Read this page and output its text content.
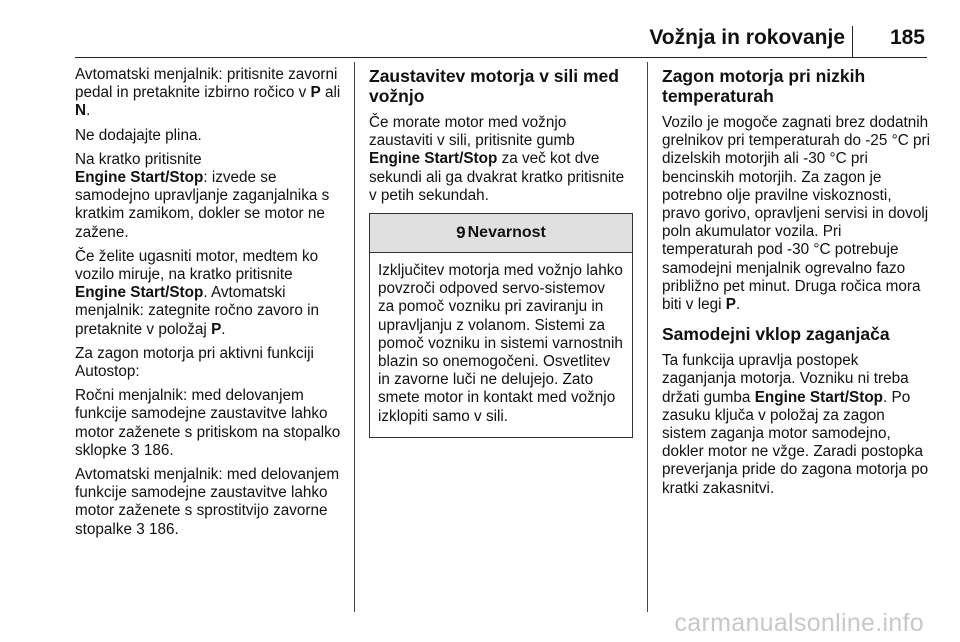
Vožnja in rokovanje 185

Avtomatski menjalnik: pritisnite zavorni pedal in pretaknite izbirno ročico v P ali N.

Ne dodajajte plina.

Na kratko pritisnite
Engine Start/Stop: izvede se samodejno upravljanje zaganjalnika s kratkim zamikom, dokler se motor ne zažene.

Če želite ugasniti motor, medtem ko vozilo miruje, na kratko pritisnite
Engine Start/Stop. Avtomatski menjalnik: zategnite ročno zavoro in pretaknite v položaj P.

Za zagon motorja pri aktivni funkciji Autostop:

Ročni menjalnik: med delovanjem funkcije samodejne zaustavitve lahko motor zaženete s pritiskom na stopalko sklopke 3 186.

Avtomatski menjalnik: med delovanjem funkcije samodejne zaustavitve lahko motor zaženete s sprostitvijo zavorne stopalke 3 186.

Zaustavitev motorja v sili med vožnjo

Če morate motor med vožnjo zaustaviti v sili, pritisnite gumb
Engine Start/Stop za več kot dve sekundi ali ga dvakrat kratko pritisnite v petih sekundah.

9 Nevarnost
Izključitev motorja med vožnjo lahko povzroči odpoved servo-sistemov za pomoč vozniku pri zaviranju in upravljanju z volanom. Sistemi za pomoč vozniku in sistemi varnostnih blazin so onemogočeni. Osvetlitev in zavorne luči ne delujejo. Zato smete motor in kontakt med vožnjo izklopiti samo v sili.
Zagon motorja pri nizkih temperaturah

Vozilo je mogoče zagnati brez dodatnih grelnikov pri temperaturah do -25 °C pri dizelskih motorjih ali -30 °C pri bencinskih motorjih. Za zagon je potrebno olje pravilne viskoznosti, pravo gorivo, opravljeni servisi in dovolj poln akumulator vozila. Pri temperaturah pod -30 °C potrebuje samodejni menjalnik ogrevalno fazo približno pet minut. Druga ročica mora biti v legi P.

Samodejni vklop zaganjača

Ta funkcija upravlja postopek zaganjanja motorja. Vozniku ni treba držati gumba Engine Start/Stop. Po zasuku ključa v položaj za zagon sistem zaganja motor samodejno, dokler motor ne vžge. Zaradi postopka preverjanja pride do zagona motorja po kratki zakasnitvi.

carmanualsonline.info
